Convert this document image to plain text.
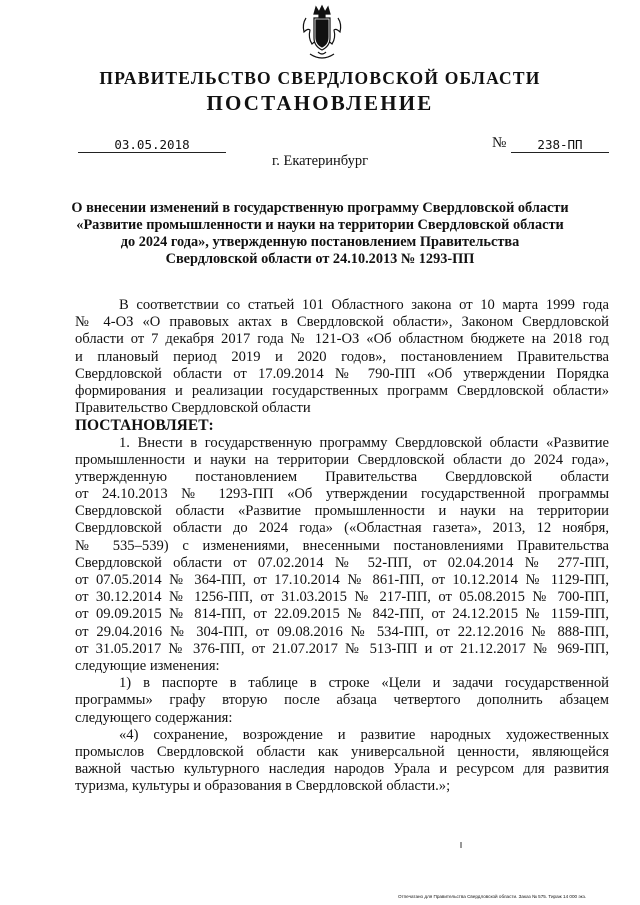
ПРАВИТЕЛЬСТВО СВЕРДЛОВСКОЙ ОБЛАСТИ
ПОСТАНОВЛЕНИЕ
03.05.2018	№	238-ПП
г. Екатеринбург
О внесении изменений в государственную программу Свердловской области
«Развитие промышленности и науки на территории Свердловской области
до 2024 года», утвержденную постановлением Правительства
Свердловской области от 24.10.2013 № 1293-ПП
В соответствии со статьей 101 Областного закона от 10 марта 1999 года
№ 4-ОЗ «О правовых актах в Свердловской области», Законом Свердловской
области от 7 декабря 2017 года № 121-ОЗ «Об областном бюджете на 2018 год
и плановый период 2019 и 2020 годов», постановлением Правительства
Свердловской области от 17.09.2014 № 790-ПП «Об утверждении Порядка
формирования и реализации государственных программ Свердловской области»
Правительство Свердловской области
ПОСТАНОВЛЯЕТ:
1. Внести в государственную программу Свердловской области «Развитие
промышленности и науки на территории Свердловской области до 2024 года»,
утвержденную постановлением Правительства Свердловской области
от 24.10.2013 № 1293-ПП «Об утверждении государственной программы
Свердловской области «Развитие промышленности и науки на территории
Свердловской области до 2024 года» («Областная газета», 2013, 12 ноября,
№ 535–539) с изменениями, внесенными постановлениями Правительства
Свердловской области от 07.02.2014 № 52-ПП, от 02.04.2014 № 277-ПП,
от 07.05.2014 № 364-ПП, от 17.10.2014 № 861-ПП, от 10.12.2014 № 1129-ПП,
от 30.12.2014 № 1256-ПП, от 31.03.2015 № 217-ПП, от 05.08.2015 № 700-ПП,
от 09.09.2015 № 814-ПП, от 22.09.2015 № 842-ПП, от 24.12.2015 № 1159-ПП,
от 29.04.2016 № 304-ПП, от 09.08.2016 № 534-ПП, от 22.12.2016 № 888-ПП,
от 31.05.2017 № 376-ПП, от 21.07.2017 № 513-ПП и от 21.12.2017 № 969-ПП,
следующие изменения:
1) в паспорте в таблице в строке «Цели и задачи государственной
программы» графу вторую после абзаца четвертого дополнить абзацем
следующего содержания:
«4) сохранение, возрождение и развитие народных художественных
промыслов Свердловской области как универсальной ценности, являющейся
важной частью культурного наследия народов Урала и ресурсом для развития
туризма, культуры и образования в Свердловской области.»;
Отпечатано для Правительства Свердловской области. Заказ № 575. Тираж 14 000 экз.
